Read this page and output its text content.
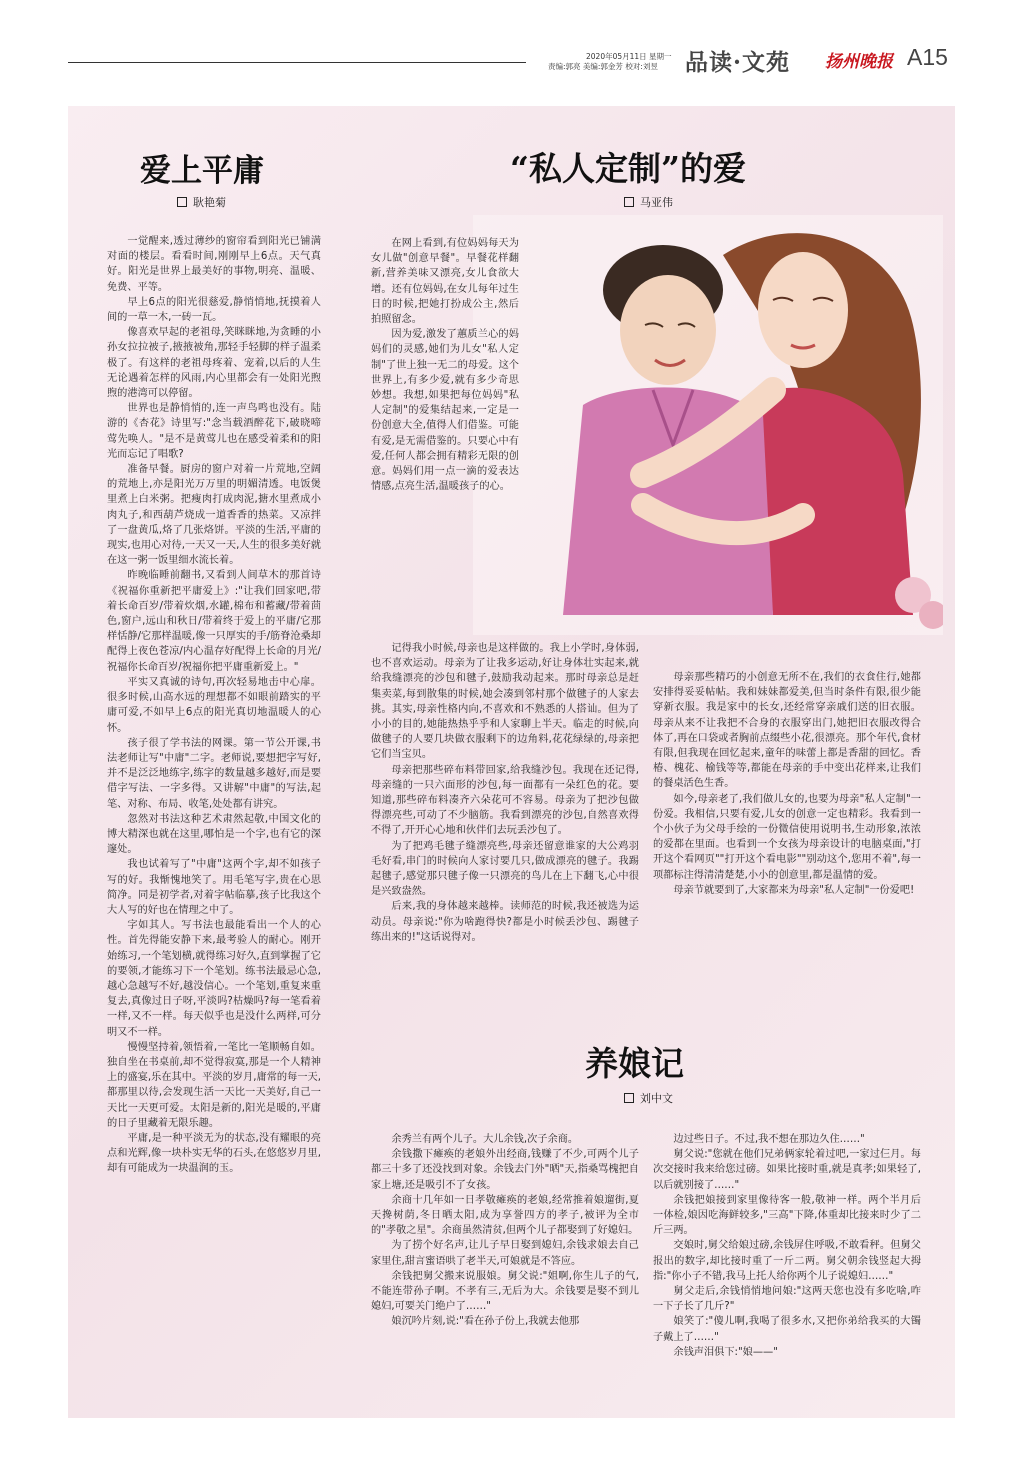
2020年05月11日 星期一
责编:郭亮 美编:郭金芳 校对:刘昱 品读·文苑 扬州晚报 A15
爱上平庸
耿艳菊

一觉醒来,透过薄纱的窗帘看到阳光已铺满对面的楼层。看看时间,刚刚早上6点。天气真好。阳光是世界上最美好的事物,明亮、温暖、免费、平等。

早上6点的阳光很慈爱,静悄悄地,抚摸着人间的一草一木,一砖一瓦。

像喜欢早起的老祖母,笑眯眯地,为贪睡的小孙女拉拉被子,掖掖被角,那轻手轻脚的样子温柔极了。有这样的老祖母疼着、宠着,以后的人生无论遇着怎样的风雨,内心里都会有一处阳光煦煦的港湾可以停留。

世界也是静悄悄的,连一声鸟鸣也没有。陆游的《杏花》诗里写:"念当载酒醉花下,破晓啼莺先唤人。"是不是黄莺儿也在感受着柔和的阳光而忘记了唱歌?

准备早餐。厨房的窗户对着一片荒地,空阔的荒地上,亦是阳光万万里的明媚清透。电饭煲里煮上白米粥。把瘦肉打成肉泥,搪水里煮成小肉丸子,和西葫芦烧成一道香香的热菜。又凉拌了一盘黄瓜,烙了几张烙饼。平淡的生活,平庸的现实,也用心对待,一天又一天,人生的很多美好就在这一粥一饭里细水流长着。

昨晚临睡前翻书,又看到人间草木的那首诗《祝福你重新把平庸爱上》:"让我们回家吧,带着长命百岁/带着炊烟,水罐,棉布和蓄藏/带着茴色,窗户,远山和秋日/带着终于爱上的平庸/它那样恬静/它那样温暖,像一只厚实的手/筋脊沧桑却配得上夜色苍凉/内心温存好配得上长命的月光/祝福你长命百岁/祝福你把平庸重新爱上。"

平实又真诚的诗句,再次轻易地击中心扉。很多时候,山高水远的理想都不如眼前踏实的平庸可爱,不如早上6点的阳光真切地温暖人的心怀。

孩子很了学书法的网课。第一节公开课,书法老师让写"中庸"二字。老师说,要想把字写好,并不是泛泛地练字,练字的数量越多越好,而是要借字写法、一字多得。又讲解"中庸"的写法,起笔、对称、布局、收笔,处处都有讲究。

忽然对书法这种艺术肃然起敬,中国文化的博大精深也就在这里,哪怕是一个字,也有它的深邃处。

我也试着写了"中庸"这两个字,却不如孩子写的好。我惭愧地笑了。用毛笔写字,贵在心思简净。同是初学者,对着字帖临摹,孩子比我这个大人写的好也在情理之中了。

字如其人。写书法也最能看出一个人的心性。首先得能安静下来,最考验人的耐心。刚开始练习,一个笔划横,就得练习好久,直到掌握了它的要领,才能练习下一个笔划。练书法最忌心急,越心急越写不好,越没信心。一个笔划,重复来重复去,真像过日子呀,平淡吗?枯燥吗?每一笔看着一样,又不一样。每天似乎也是没什么两样,可分明又不一样。

慢慢坚持着,领悟着,一笔比一笔顺畅自如。独自坐在书桌前,却不觉得寂寞,那是一个人精神上的盛宴,乐在其中。平淡的岁月,庸常的每一天,都那里以待,会发现生活一天比一天美好,自己一天比一天更可爱。太阳是新的,阳光是暖的,平庸的日子里藏着无限乐趣。

平庸,是一种平淡无为的状态,没有耀眼的亮点和光辉,像一块朴实无华的石头,在悠悠岁月里,却有可能成为一块温润的玉。

“私人定制”的爱
马亚伟

在网上看到,有位妈妈每天为女儿做"创意早餐"。早餐花样翻新,营养美味又漂亮,女儿食欲大增。还有位妈妈,在女儿每年过生日的时候,把她打扮成公主,然后拍照留念。

因为爱,激发了蕙质兰心的妈妈们的灵感,她们为儿女"私人定制"了世上独一无二的母爱。这个世界上,有多少爱,就有多少奇思妙想。我想,如果把每位妈妈"私人定制"的爱集结起来,一定是一份创意大全,值得人们借鉴。可能有爱,是无需借鉴的。只要心中有爱,任何人都会拥有精彩无限的创意。妈妈们用一点一滴的爱表达情感,点亮生活,温暖孩子的心。

记得我小时候,母亲也是这样做的。我上小学时,身体弱,也不喜欢运动。母亲为了让我多运动,好让身体壮实起来,就给我缝漂亮的沙包和毽子,鼓励我动起来。那时母亲总是赶集卖菜,每到散集的时候,她会凑到邻村那个做毽子的人家去挑。其实,母亲性格内向,不喜欢和不熟悉的人搭讪。但为了小小的目的,她能热热乎乎和人家聊上半天。临走的时候,向做毽子的人要几块做衣服剩下的边角料,花花绿绿的,母亲把它们当宝贝。

母亲把那些碎布料带回家,给我缝沙包。我现在还记得,母亲缝的一只六面形的沙包,每一面都有一朵红色的花。要知道,那些碎布料凑齐六朵花可不容易。母亲为了把沙包做得漂亮些,可动了不少脑筋。我看到漂亮的沙包,自然喜欢得不得了,开开心心地和伙伴们去玩丢沙包了。

为了把鸡毛毽子缝漂亮些,母亲还留意谁家的大公鸡羽毛好看,串门的时候向人家讨要几只,做成漂亮的毽子。我踢起毽子,感觉那只毽子像一只漂亮的鸟儿在上下翻飞,心中很是兴致盎然。

后来,我的身体越来越棒。读师范的时候,我还被选为运动员。母亲说:"你为啥跑得快?都是小时候丢沙包、踢毽子练出来的!"这话说得对。

母亲那些精巧的小创意无所不在,我们的衣食住行,她都安排得妥妥帖帖。我和妹妹都爱美,但当时条件有限,很少能穿新衣服。我是家中的长女,还经常穿亲戚们送的旧衣服。母亲从来不让我把不合身的衣服穿出门,她把旧衣服改得合体了,再在口袋或者胸前点缀些小花,很漂亮。那个年代,食材有限,但我现在回忆起来,童年的味蕾上都是香甜的回忆。香椿、槐花、榆钱等等,都能在母亲的手中变出花样来,让我们的餐桌活色生香。

如今,母亲老了,我们做儿女的,也要为母亲"私人定制"一份爱。我相信,只要有爱,儿女的创意一定也精彩。我看到一个小伙子为父母手绘的一份微信使用说明书,生动形象,浓浓的爱都在里面。也看到一个女孩为母亲设计的电脑桌面,"打开这个看网页""打开这个看电影""别动这个,您用不着",每一项都标注得清清楚楚,小小的创意里,都是温情的爱。

母亲节就要到了,大家都来为母亲"私人定制"一份爱吧!

养娘记
刘中文

余秀兰有两个儿子。大儿余钱,次子余商。

余钱撒下瘫痪的老娘外出经商,钱赚了不少,可两个儿子都三十多了还没找到对象。余钱去门外"晒"天,指桑骂槐把自家上塘,还是吸引不了女孩。

余商十几年如一日孝敬瘫痪的老娘,经常推着娘遛街,夏天搀树荫,冬日晒太阳,成为享誉四方的孝子,被评为全市的"孝敬之星"。余商虽然清贫,但两个儿子都娶到了好媳妇。

为了捞个好名声,让儿子早日娶到媳妇,余钱求娘去自己家里住,甜言蜜语哄了老半天,可娘就是不答应。

余钱把舅父搬来说服娘。舅父说:"姐啊,你生儿子的气,不能连带孙子啊。不孝有三,无后为大。余钱要是娶不到儿媳妇,可要关门绝户了……"

娘沉吟片刻,说:"看在孙子份上,我就去他那

边过些日子。不过,我不想在那边久住……"

舅父说:"您就在他们兄弟俩家轮着过吧,一家过仨月。每次交接时我来给您过磅。如果比接时重,就是真孝;如果轻了,以后就别接了……"

余钱把娘接到家里像待客一般,敬神一样。两个半月后一体检,娘因吃海鲜较多,"三高"下降,体重却比接来时少了二斤三两。

交娘时,舅父给娘过磅,余钱屏住呼吸,不敢看秤。但舅父报出的数字,却比接时重了一斤二两。舅父朝余钱竖起大拇指:"你小子不错,我马上托人给你两个儿子说媳妇……"

舅父走后,余钱悄悄地问娘:"这两天您也没有多吃啥,咋一下子长了几斤?"

娘笑了:"傻儿啊,我喝了很多水,又把你弟给我买的大镯子戴上了……"

余钱声泪俱下:"娘——"
